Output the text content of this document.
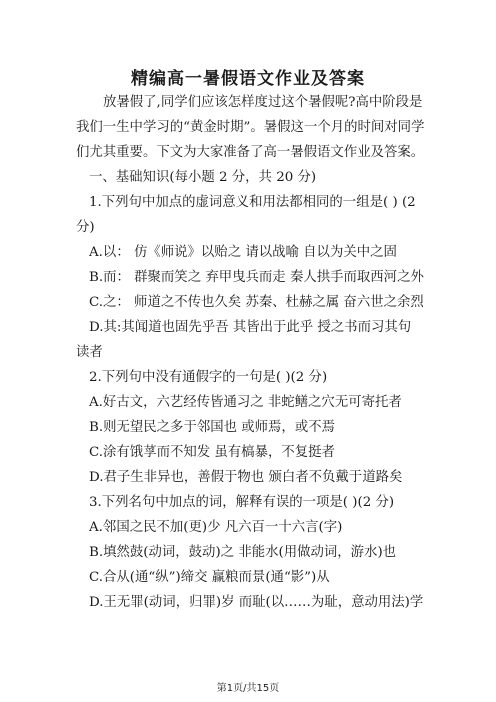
精编高一暑假语文作业及答案
放暑假了,同学们应该怎样度过这个暑假呢?高中阶段是
我们一生中学习的“黄金时期”。暑假这一个月的时间对同学
们尤其重要。下文为大家准备了高一暑假语文作业及答案。
一、基础知识(每小题 2 分，共 20 分)
1.下列句中加点的虚词意义和用法都相同的一组是( ) (2
分)
A.以： 仿《师说》以贻之 请以战喻 自以为关中之固
B.而： 群聚而笑之 弃甲曳兵而走 秦人拱手而取西河之外
C.之： 师道之不传也久矣 苏秦、杜赫之属 奋六世之余烈
D.其:其闻道也固先乎吾 其皆出于此乎 授之书而习其句
读者
2.下列句中没有通假字的一句是( )(2 分)
A.好古文，六艺经传皆通习之 非蛇鳝之穴无可寄托者
B.则无望民之多于邻国也 或师焉，或不焉
C.涂有饿莩而不知发 虽有槁暴，不复挺者
D.君子生非异也，善假于物也 颁白者不负戴于道路矣
3.下列名句中加点的词，解释有误的一项是( )(2 分)
A.邻国之民不加(更)少 凡六百一十六言(字)
B.填然鼓(动词，鼓动)之 非能水(用做动词，游水)也
C.合从(通“纵”)缔交 赢粮而景(通“影”)从
D.王无罪(动词，归罪)岁 而耻(以……为耻，意动用法)学
第1页/共15页
